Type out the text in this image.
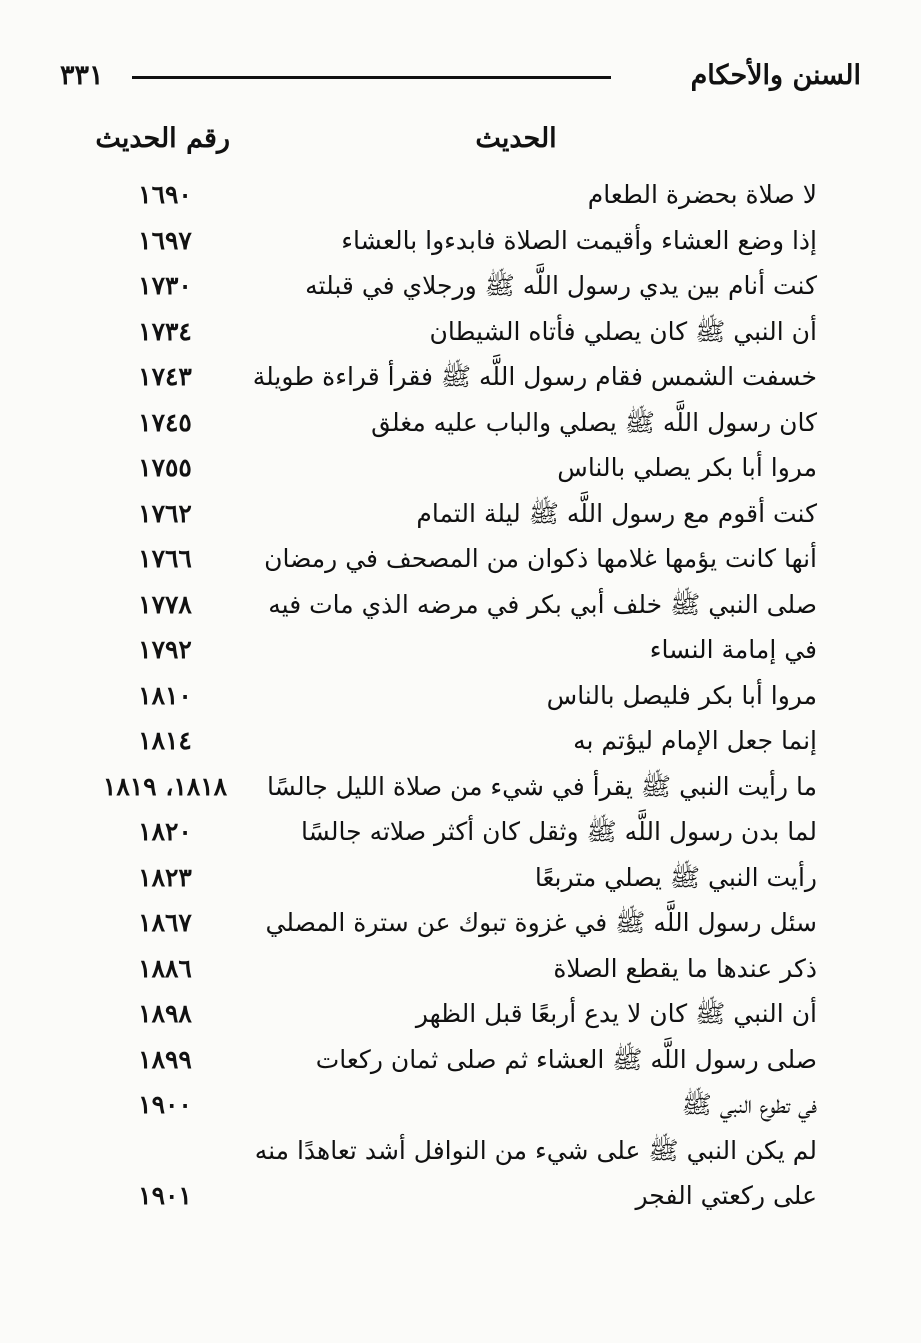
السنن والأحكام
٣٣١
الحديث
رقم الحديث
لا صلاة بحضرة الطعام
١٦٩٠
إذا وضع العشاء وأقيمت الصلاة فابدءوا بالعشاء
١٦٩٧
كنت أنام بين يدي رسول اللَّه ﷺ ورجلاي في قبلته
١٧٣٠
أن النبي ﷺ كان يصلي فأتاه الشيطان
١٧٣٤
خسفت الشمس فقام رسول اللَّه ﷺ فقرأ قراءة طويلة
١٧٤٣
كان رسول اللَّه ﷺ يصلي والباب عليه مغلق
١٧٤٥
مروا أبا بكر يصلي بالناس
١٧٥٥
كنت أقوم مع رسول اللَّه ﷺ ليلة التمام
١٧٦٢
أنها كانت يؤمها غلامها ذكوان من المصحف في رمضان
١٧٦٦
صلى النبي ﷺ خلف أبي بكر في مرضه الذي مات فيه
١٧٧٨
في إمامة النساء
١٧٩٢
مروا أبا بكر فليصل بالناس
١٨١٠
إنما جعل الإمام ليؤتم به
١٨١٤
ما رأيت النبي ﷺ يقرأ في شيء من صلاة الليل جالسًا
١٨١٨، ١٨١٩
لما بدن رسول اللَّه ﷺ وثقل كان أكثر صلاته جالسًا
١٨٢٠
رأيت النبي ﷺ يصلي متربعًا
١٨٢٣
سئل رسول اللَّه ﷺ في غزوة تبوك عن سترة المصلي
١٨٦٧
ذكر عندها ما يقطع الصلاة
١٨٨٦
أن النبي ﷺ كان لا يدع أربعًا قبل الظهر
١٨٩٨
صلى رسول اللَّه ﷺ العشاء ثم صلى ثمان ركعات
١٨٩٩
في تطوع النبي ﷺ
١٩٠٠
لم يكن النبي ﷺ على شيء من النوافل أشد تعاهدًا منه على ركعتي الفجر
١٩٠١
